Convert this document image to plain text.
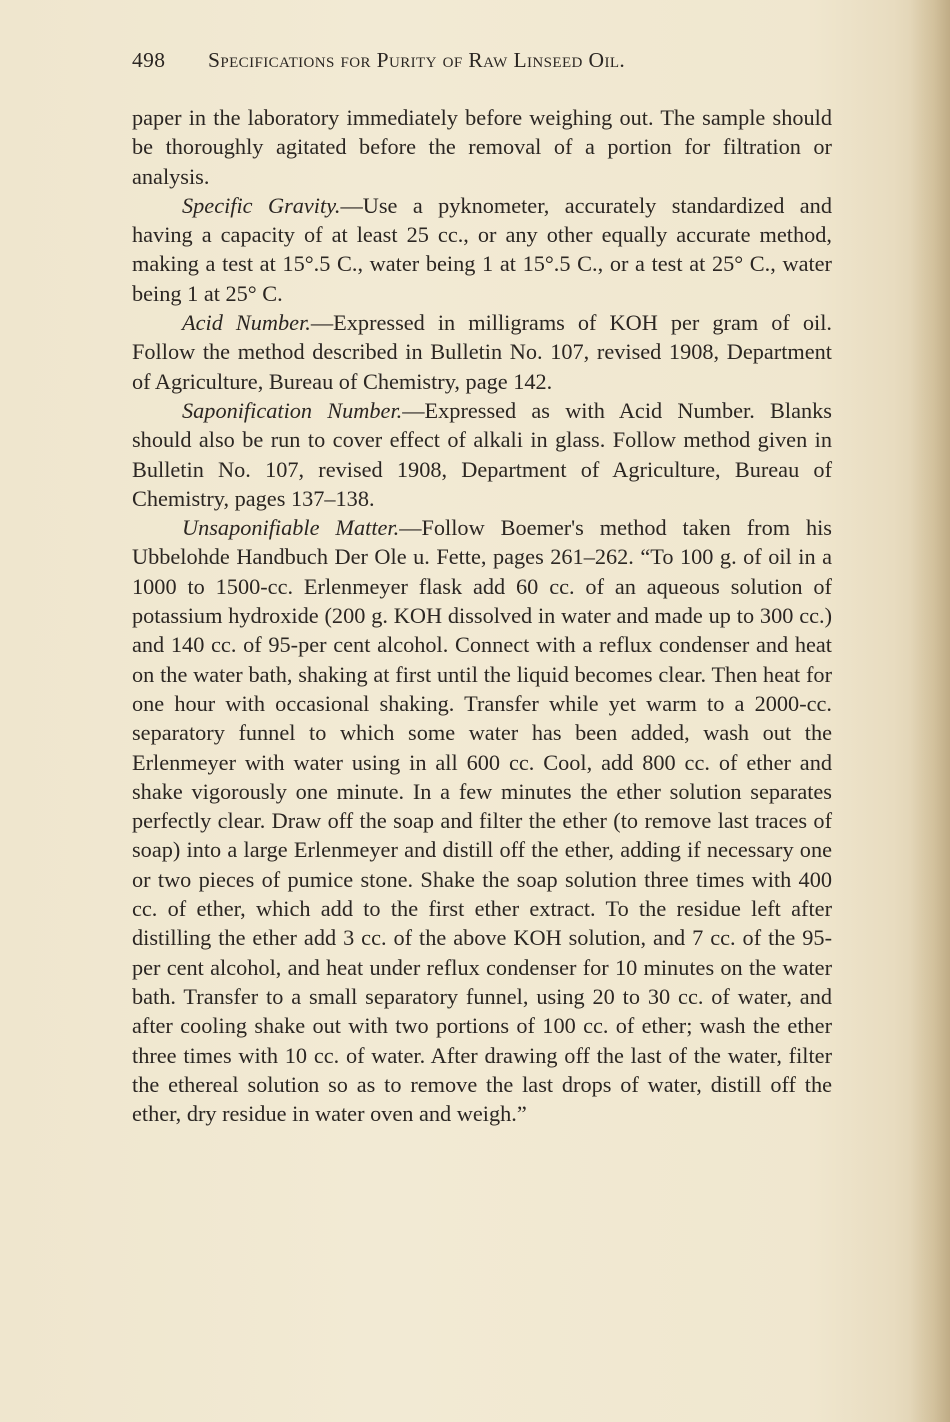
498 Specifications for Purity of Raw Linseed Oil.

paper in the laboratory immediately before weighing out. The sample should be thoroughly agitated before the removal of a portion for filtration or analysis.

Specific Gravity.—Use a pyknometer, accurately standardized and having a capacity of at least 25 cc., or any other equally accurate method, making a test at 15°.5 C., water being 1 at 15°.5 C., or a test at 25° C., water being 1 at 25° C.

Acid Number.—Expressed in milligrams of KOH per gram of oil. Follow the method described in Bulletin No. 107, revised 1908, Department of Agriculture, Bureau of Chemistry, page 142.

Saponification Number.—Expressed as with Acid Number. Blanks should also be run to cover effect of alkali in glass. Follow method given in Bulletin No. 107, revised 1908, Department of Agriculture, Bureau of Chemistry, pages 137–138.

Unsaponifiable Matter.—Follow Boemer's method taken from his Ubbelohde Handbuch Der Ole u. Fette, pages 261–262. “To 100 g. of oil in a 1000 to 1500-cc. Erlenmeyer flask add 60 cc. of an aqueous solution of potassium hydroxide (200 g. KOH dissolved in water and made up to 300 cc.) and 140 cc. of 95-per cent alcohol. Connect with a reflux condenser and heat on the water bath, shaking at first until the liquid becomes clear. Then heat for one hour with occasional shaking. Transfer while yet warm to a 2000-cc. separatory funnel to which some water has been added, wash out the Erlenmeyer with water using in all 600 cc. Cool, add 800 cc. of ether and shake vigorously one minute. In a few minutes the ether solution separates perfectly clear. Draw off the soap and filter the ether (to remove last traces of soap) into a large Erlenmeyer and distill off the ether, adding if necessary one or two pieces of pumice stone. Shake the soap solution three times with 400 cc. of ether, which add to the first ether extract. To the residue left after distilling the ether add 3 cc. of the above KOH solution, and 7 cc. of the 95-per cent alcohol, and heat under reflux condenser for 10 minutes on the water bath. Transfer to a small separatory funnel, using 20 to 30 cc. of water, and after cooling shake out with two portions of 100 cc. of ether; wash the ether three times with 10 cc. of water. After drawing off the last of the water, filter the ethereal solution so as to remove the last drops of water, distill off the ether, dry residue in water oven and weigh.”
